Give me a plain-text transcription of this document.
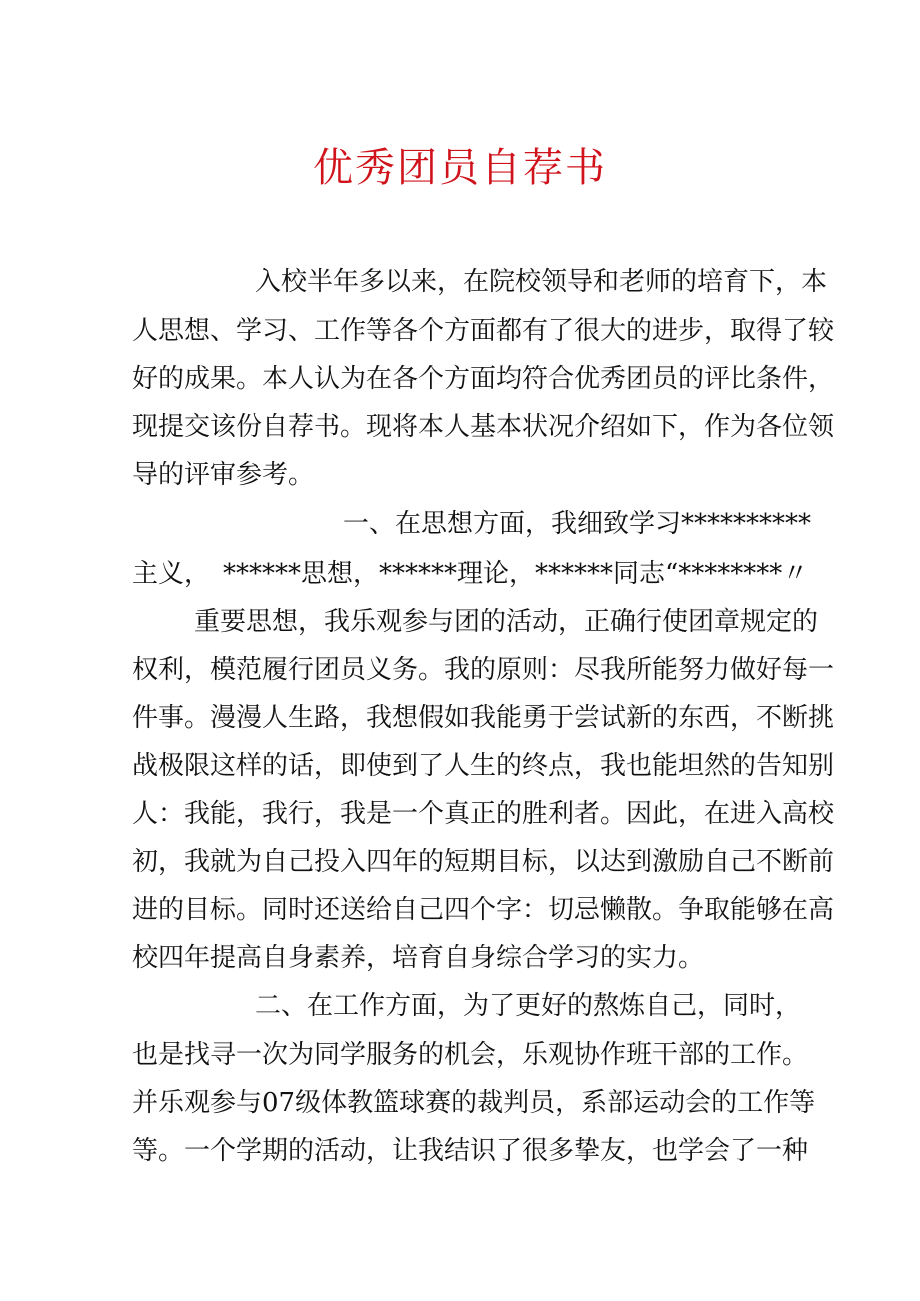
优秀团员自荐书
入校半年多以来，在院校领导和老师的培育下，本
人思想、学习、工作等各个方面都有了很大的进步，取得了较
好的成果。本人认为在各个方面均符合优秀团员的评比条件，
现提交该份自荐书。现将本人基本状况介绍如下，作为各位领
导的评审参考。
一、在思想方面，我细致学习**********
主义，　******思想，******理论，******同志“********〃
重要思想，我乐观参与团的活动，正确行使团章规定的
权利，模范履行团员义务。我的原则：尽我所能努力做好每一
件事。漫漫人生路，我想假如我能勇于尝试新的东西，不断挑
战极限这样的话，即使到了人生的终点，我也能坦然的告知别
人：我能，我行，我是一个真正的胜利者。因此，在进入高校
初，我就为自己投入四年的短期目标，以达到激励自己不断前
进的目标。同时还送给自己四个字：切忌懒散。争取能够在高
校四年提高自身素养，培育自身综合学习的实力。
二、在工作方面，为了更好的熬炼自己，同时，
也是找寻一次为同学服务的机会，乐观协作班干部的工作。
并乐观参与07级体教篮球赛的裁判员，系部运动会的工作等
等。一个学期的活动，让我结识了很多挚友，也学会了一种
